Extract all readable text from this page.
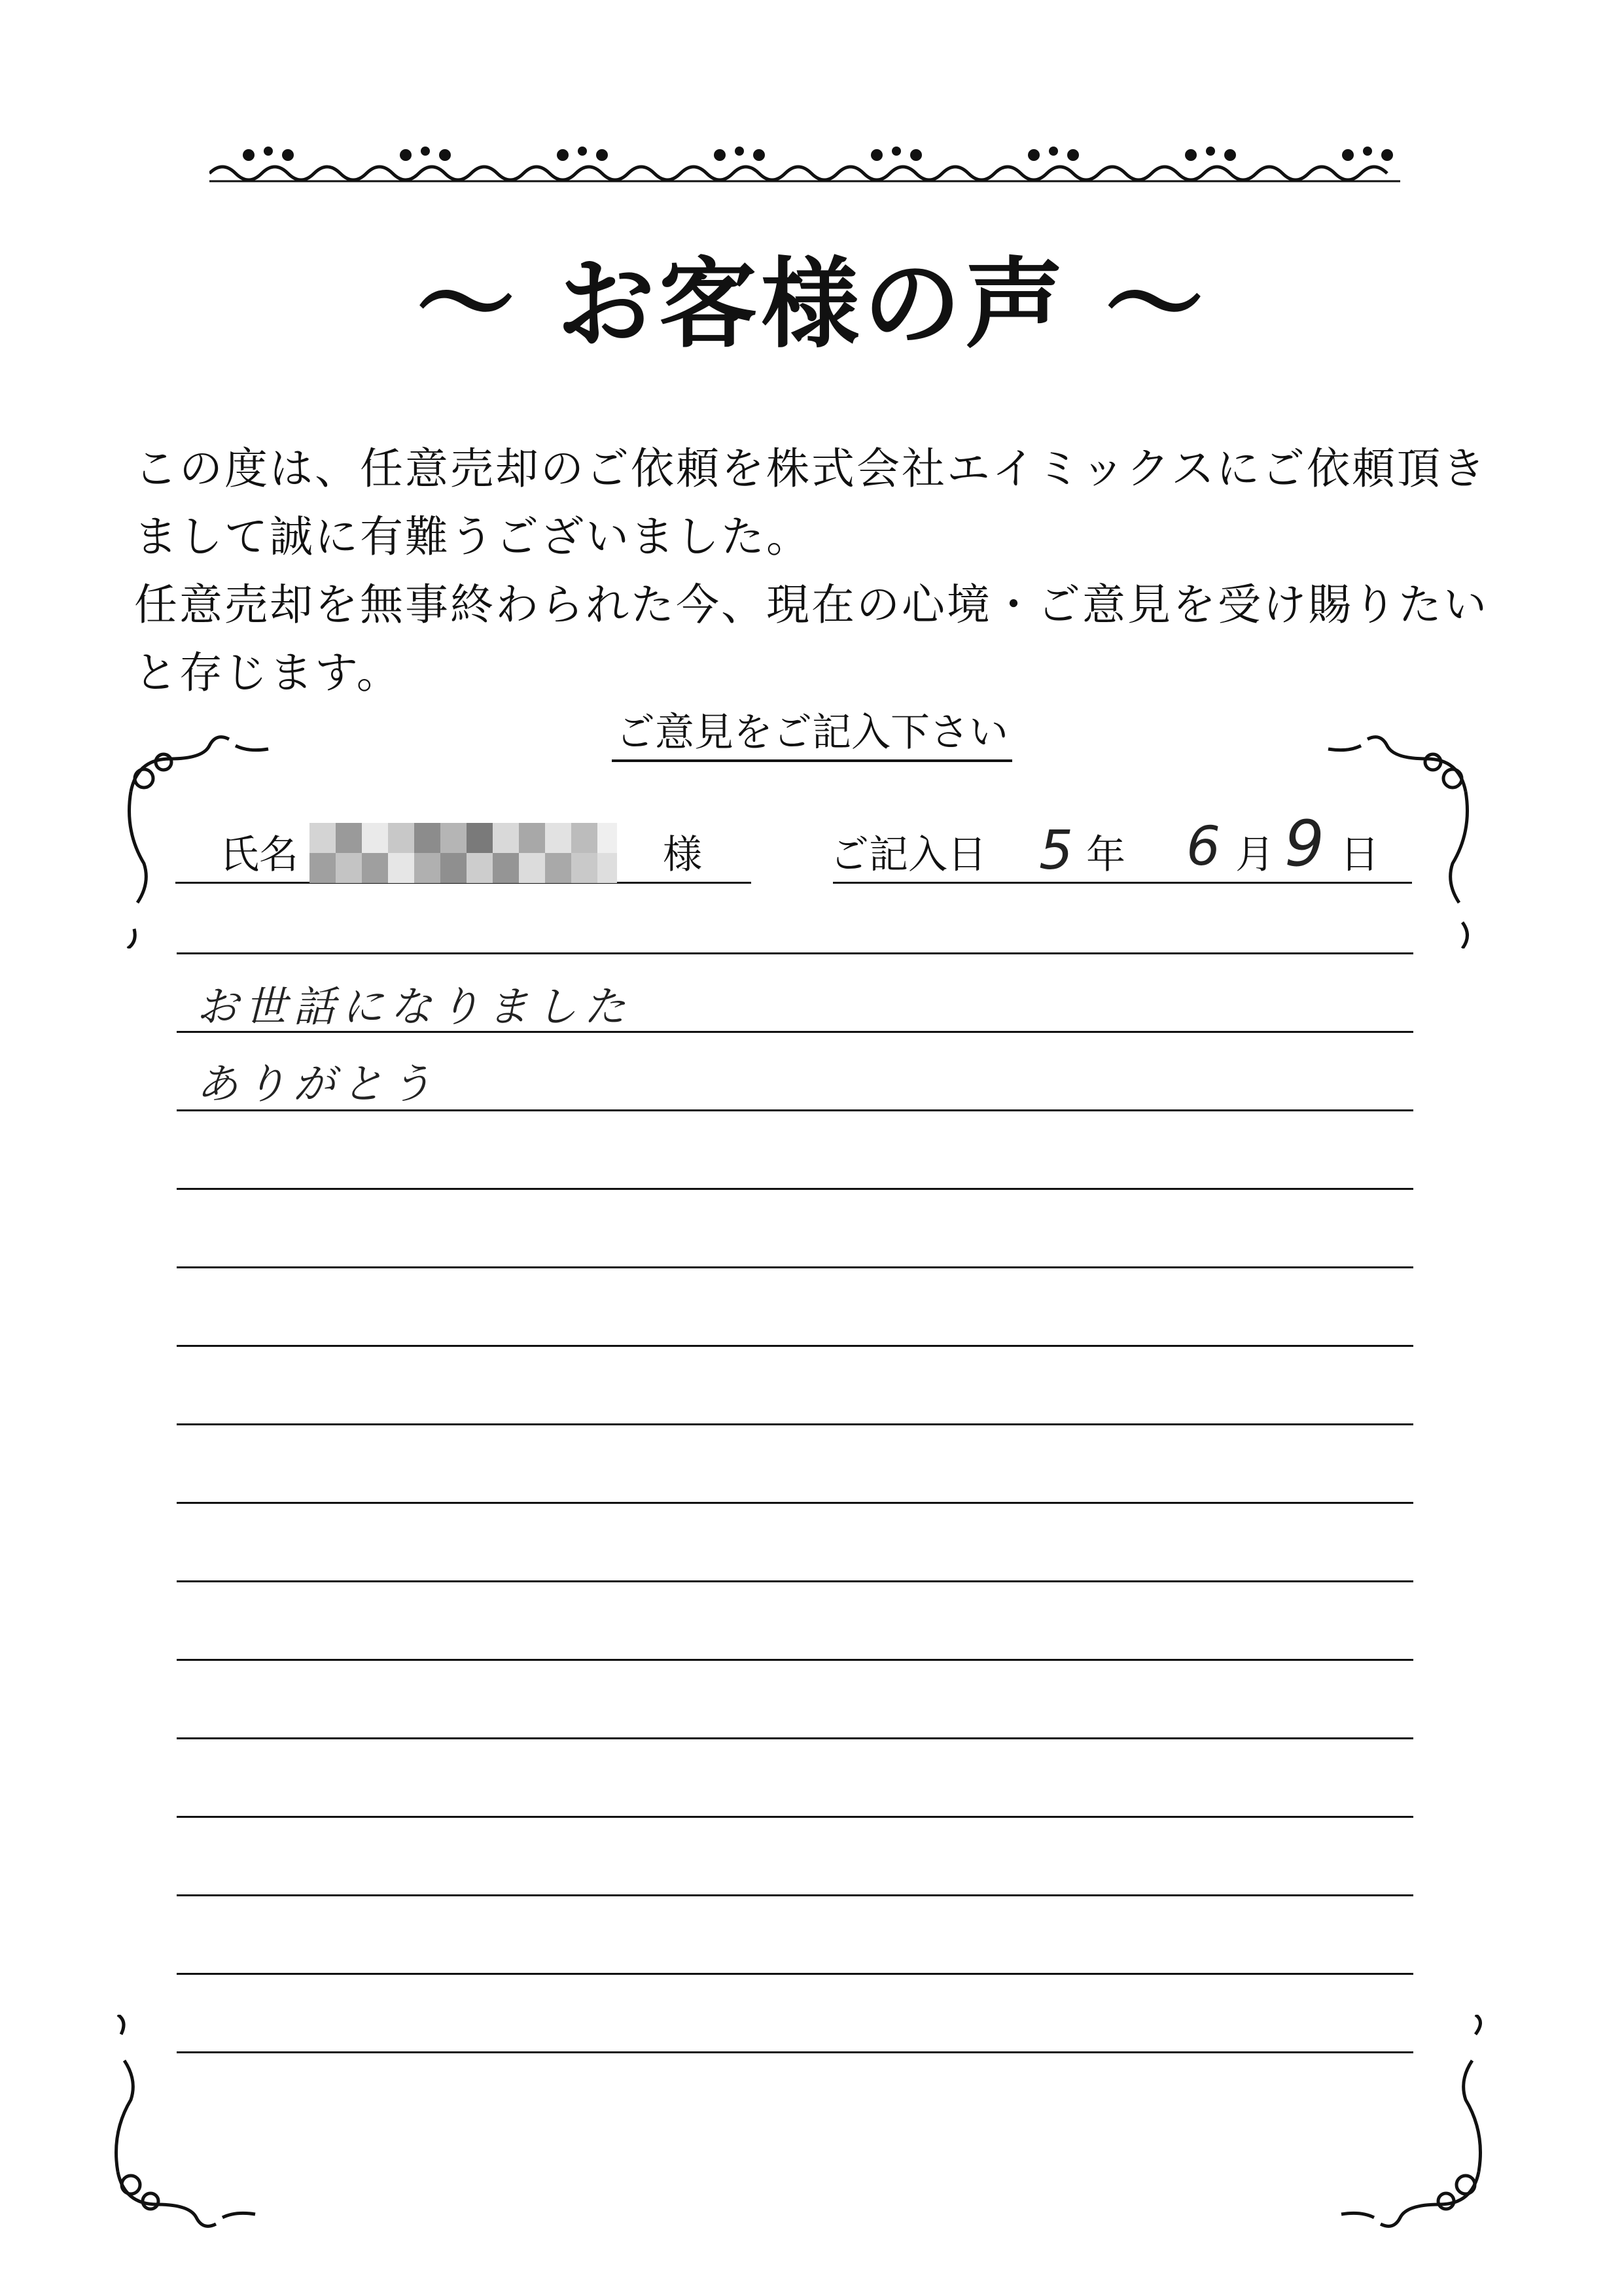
～ お客様の声 ～

この度は、任意売却のご依頼を株式会社エイミックスにご依頼頂き

まして誠に有難うございました。

任意売却を無事終わられた今、現在の心境・ご意見を受け賜りたい

と存じます。

ご意見をご記入下さい
氏名	様	ご記入日 5 年 6 月 9 日
お世話になりました
ありがとう
